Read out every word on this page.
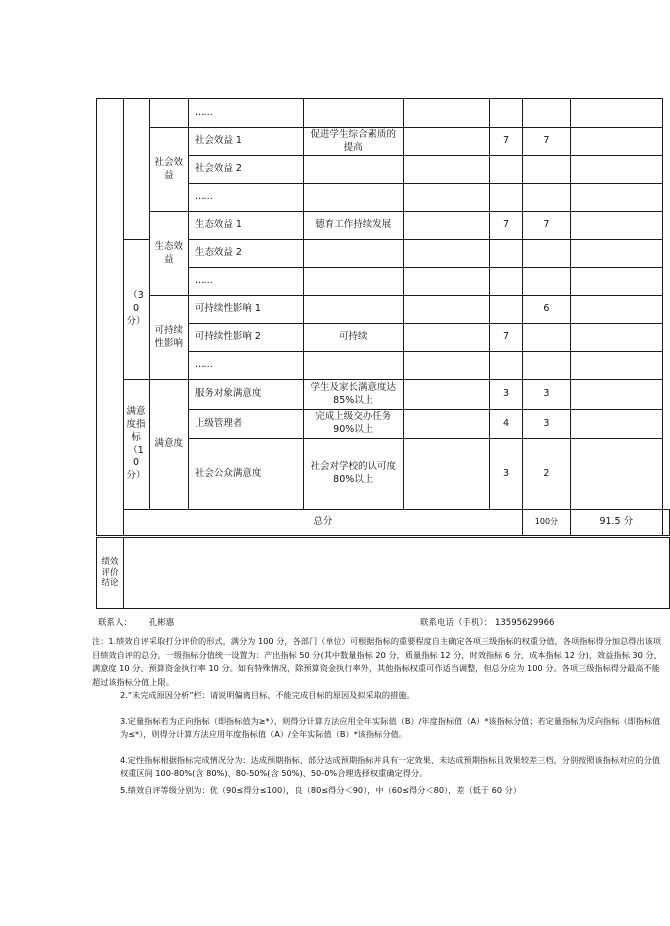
			……						
		社会效益	社会效益 1	促进学生综合素质的提高		7	7		
			社会效益 2						
			……						
		生态效益	生态效益 1	德育工作持续发展		7	7		
	（30分）		生态效益 2						
			……						
		可持续性影响	可持续性影响 1				6		
			可持续性影响 2	可持续		7			
			……						
	满意度指标（10分）	满意度	服务对象满意度	学生及家长满意度达 85%以上		3	3		
			上级管理者	完成上级交办任务 90%以上		4	3		
			社会公众满意度	社会对学校的认可度 80%以上		3	2		
	总分						100分	91.5 分	
绩效评价结论	
联系人： 孔彬惠	联系电话（手机）： 13595629966

注：1.绩效自评采取打分评价的形式，满分为 100 分，各部门（单位）可根据指标的重要程度自主确定各项三级指标的权重分值，各项指标得分加总得出该项目绩效自评的总分。一级指标分值统一设置为：产出指标 50 分(其中数量指标 20 分，质量指标 12 分，时效指标 6 分，成本指标 12 分)，效益指标 30 分、满意度 10 分、预算资金执行率 10 分。如有特殊情况，除预算资金执行率外，其他指标权重可作适当调整，但总分应为 100 分。各项三级指标得分最高不能超过该指标分值上限。

2.“未完成原因分析”栏：请说明偏离目标、不能完成目标的原因及拟采取的措施。

3.定量指标若为正向指标（即指标值为≥*），则得分计算方法应用全年实际值（B）/年度指标值（A）*该指标分值；若定量指标为反向指标（即指标值为≤*），则得分计算方法应用年度指标值（A）/全年实际值（B）*该指标分值。

4.定性指标根据指标完成情况分为：达成预期指标、部分达成预期指标并具有一定效果、未达成预期指标且效果较差三档，分别按照该指标对应的分值权重区间 100-80%(含 80%)、80-50%(含 50%)、50-0%合理选择权重确定得分。

5.绩效自评等级分别为：优（90≤得分≤100），良（80≤得分＜90），中（60≤得分＜80），差（低于 60 分）
